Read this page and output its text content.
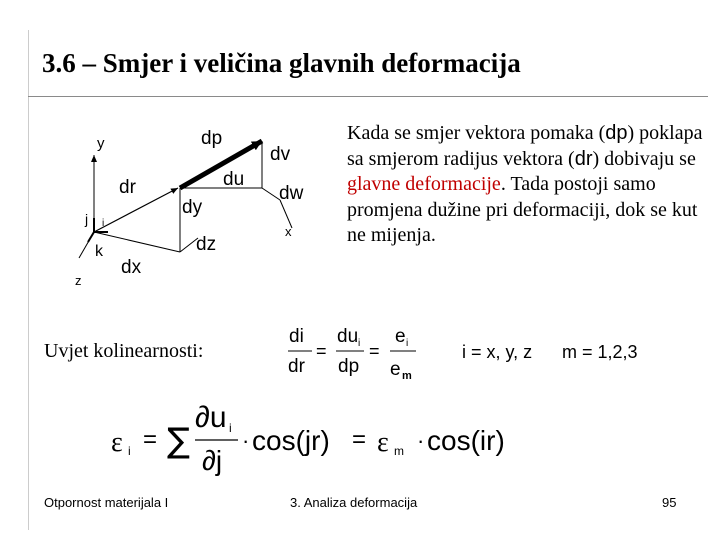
3.6 – Smjer i veličina glavnih deformacija
y
z
x
j i
k
dr
dx
dy
dz
dp
du
dv
dw
di
dr
=
du i
dp
=
e i
e m
i = x, y, z m = 1,2,3
ε i = ∑
∂u i
∂j
· cos(jr) = ε m · cos(ir)
Kada se smjer vektora pomaka (dp) poklapa sa smjerom radijus vektora (dr) dobivaju se glavne deformacije. Tada postoji samo promjena dužine pri deformaciji, dok se kut ne mijenja.
Uvjet kolinearnosti:
Otpornost materijala I	3. Analiza deformacija	95
